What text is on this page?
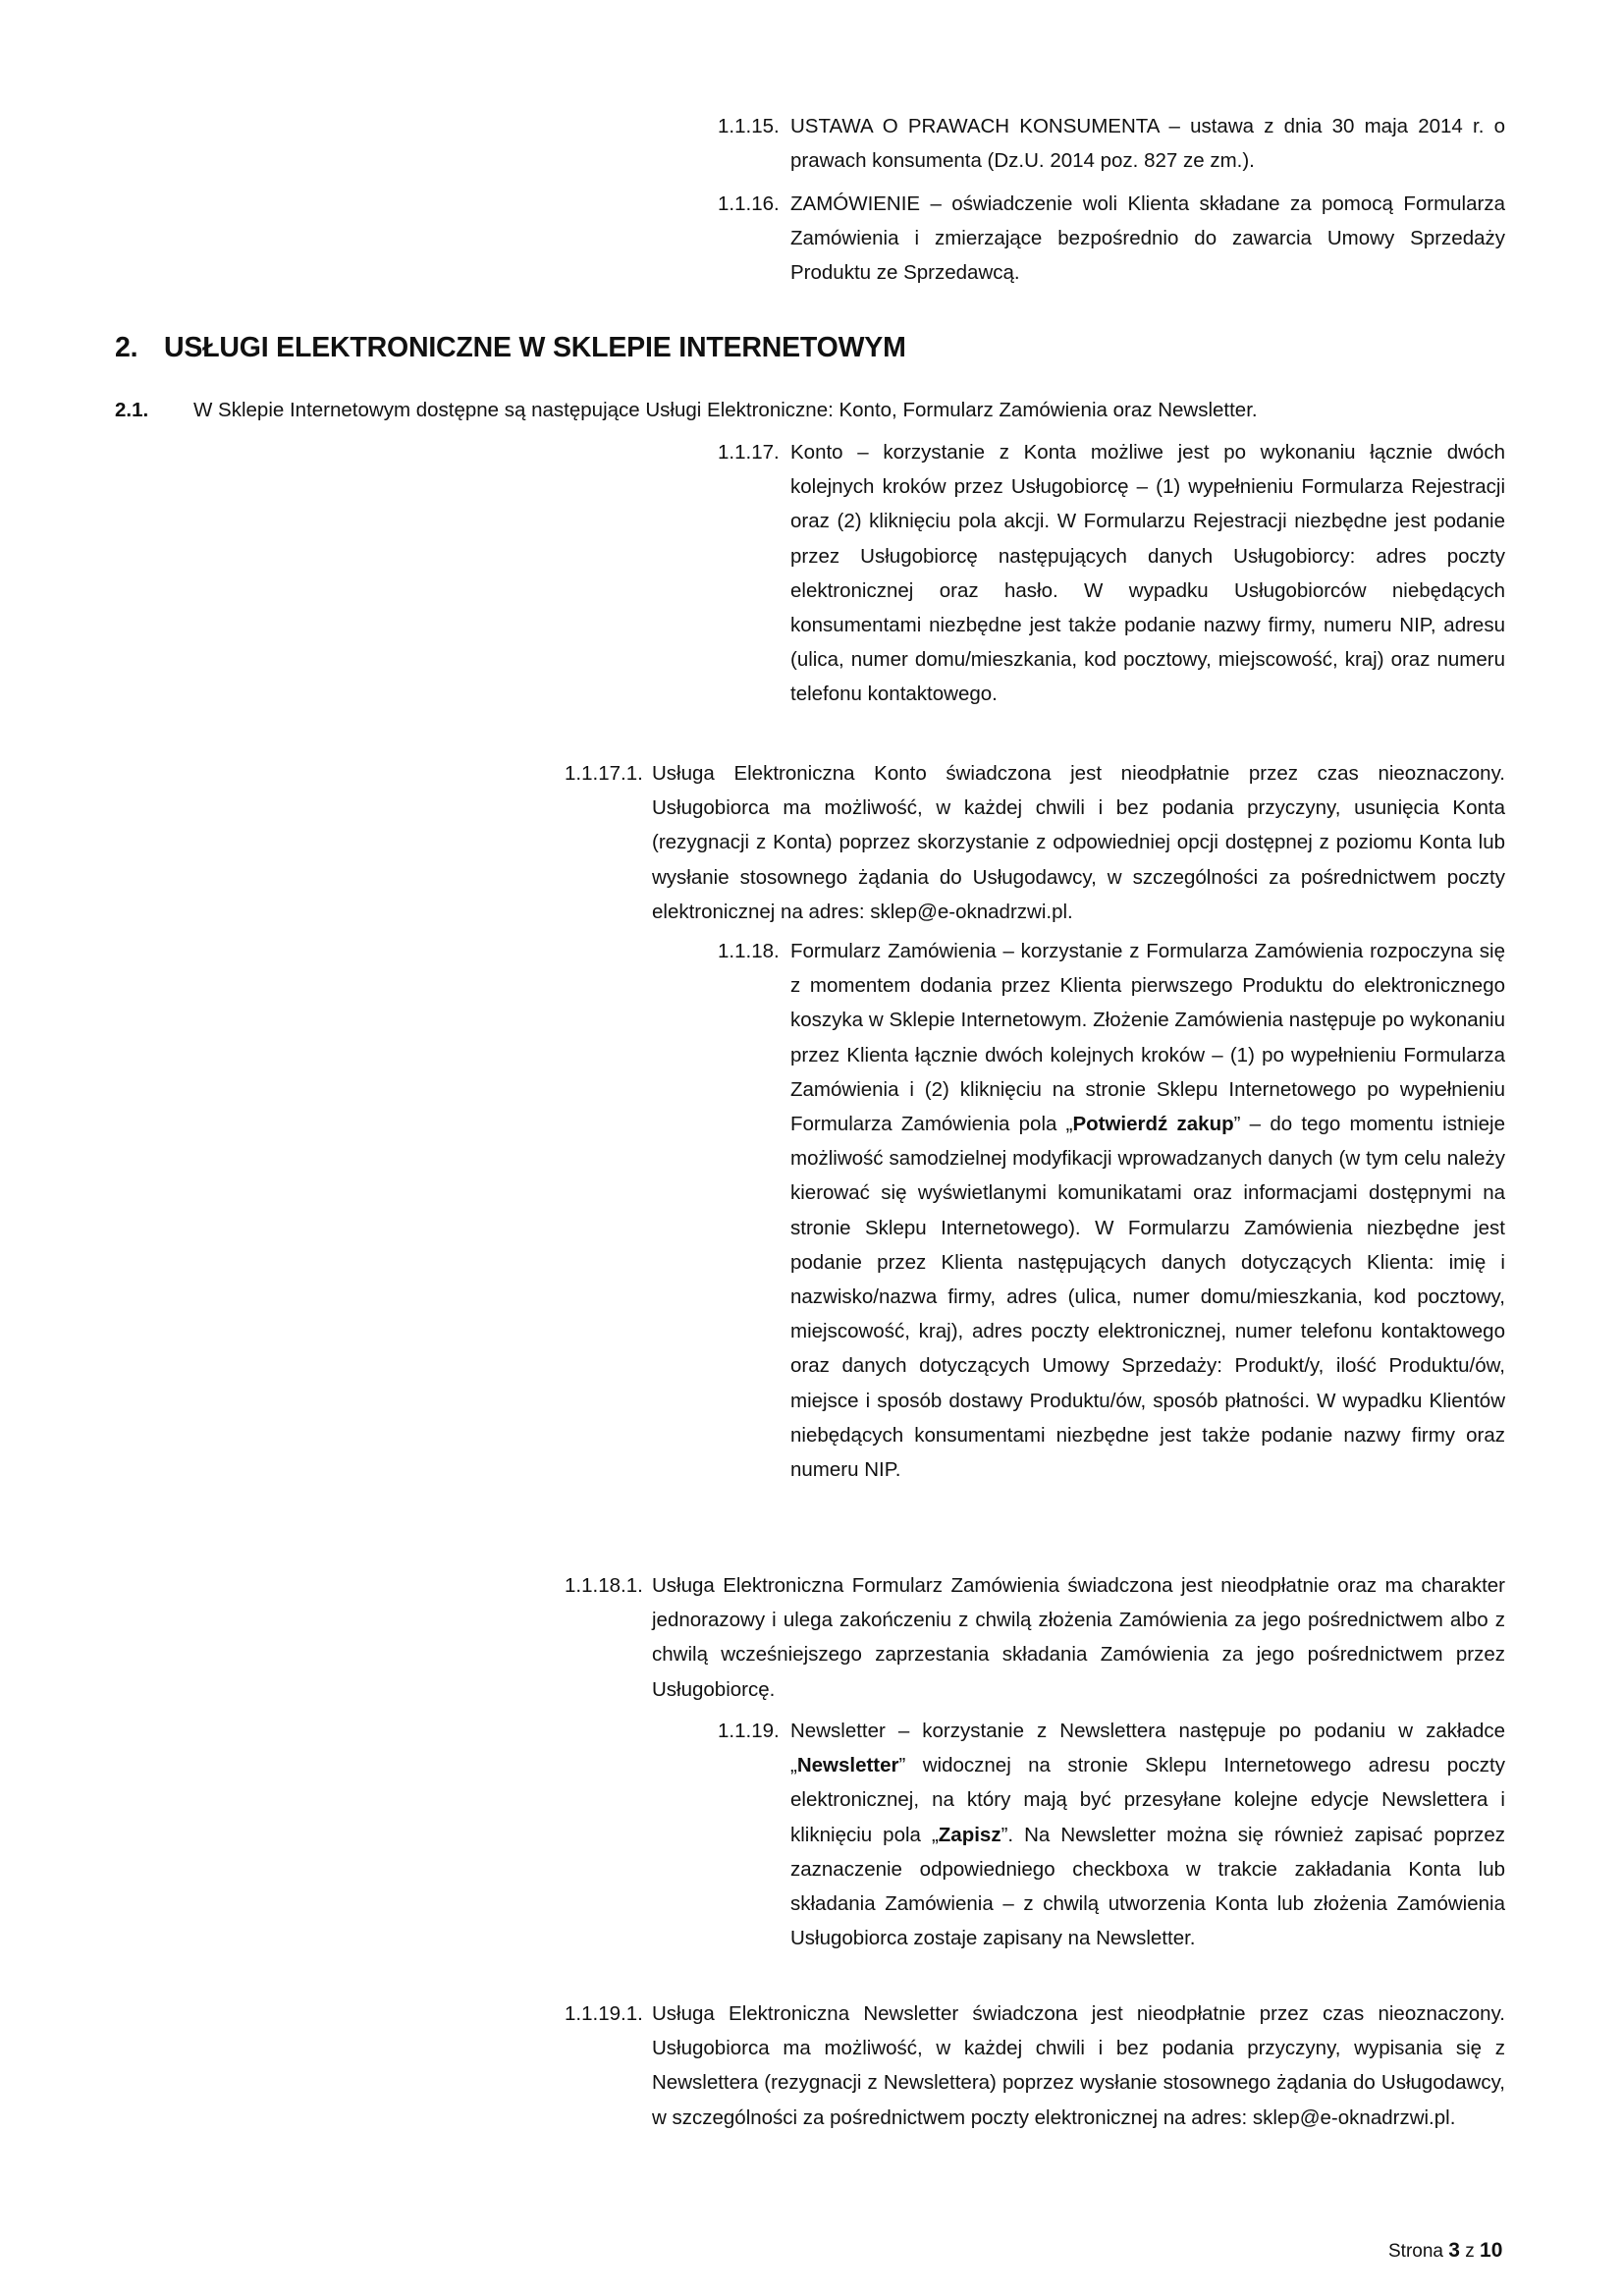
1.1.15. USTAWA O PRAWACH KONSUMENTA – ustawa z dnia 30 maja 2014 r. o prawach konsumenta (Dz.U. 2014 poz. 827 ze zm.).
1.1.16. ZAMÓWIENIE – oświadczenie woli Klienta składane za pomocą Formularza Zamówienia i zmierzające bezpośrednio do zawarcia Umowy Sprzedaży Produktu ze Sprzedawcą.
2. USŁUGI ELEKTRONICZNE W SKLEPIE INTERNETOWYM
2.1. W Sklepie Internetowym dostępne są następujące Usługi Elektroniczne: Konto, Formularz Zamówienia oraz Newsletter.
1.1.17. Konto – korzystanie z Konta możliwe jest po wykonaniu łącznie dwóch kolejnych kroków przez Usługobiorcę – (1) wypełnieniu Formularza Rejestracji oraz (2) kliknięciu pola akcji. W Formularzu Rejestracji niezbędne jest podanie przez Usługobiorcę następujących danych Usługobiorcy: adres poczty elektronicznej oraz hasło. W wypadku Usługobiorców niebędących konsumentami niezbędne jest także podanie nazwy firmy, numeru NIP, adresu (ulica, numer domu/mieszkania, kod pocztowy, miejscowość, kraj) oraz numeru telefonu kontaktowego.
1.1.17.1. Usługa Elektroniczna Konto świadczona jest nieodpłatnie przez czas nieoznaczony. Usługobiorca ma możliwość, w każdej chwili i bez podania przyczyny, usunięcia Konta (rezygnacji z Konta) poprzez skorzystanie z odpowiedniej opcji dostępnej z poziomu Konta lub wysłanie stosownego żądania do Usługodawcy, w szczególności za pośrednictwem poczty elektronicznej na adres: sklep@e-oknadrzwi.pl.
1.1.18. Formularz Zamówienia – korzystanie z Formularza Zamówienia rozpoczyna się z momentem dodania przez Klienta pierwszego Produktu do elektronicznego koszyka w Sklepie Internetowym. Złożenie Zamówienia następuje po wykonaniu przez Klienta łącznie dwóch kolejnych kroków – (1) po wypełnieniu Formularza Zamówienia i (2) kliknięciu na stronie Sklepu Internetowego po wypełnieniu Formularza Zamówienia pola „Potwierdź zakup” – do tego momentu istnieje możliwość samodzielnej modyfikacji wprowadzanych danych (w tym celu należy kierować się wyświetlanymi komunikatami oraz informacjami dostępnymi na stronie Sklepu Internetowego). W Formularzu Zamówienia niezbędne jest podanie przez Klienta następujących danych dotyczących Klienta: imię i nazwisko/nazwa firmy, adres (ulica, numer domu/mieszkania, kod pocztowy, miejscowość, kraj), adres poczty elektronicznej, numer telefonu kontaktowego oraz danych dotyczących Umowy Sprzedaży: Produkt/y, ilość Produktu/ów, miejsce i sposób dostawy Produktu/ów, sposób płatności. W wypadku Klientów niebędących konsumentami niezbędne jest także podanie nazwy firmy oraz numeru NIP.
1.1.18.1. Usługa Elektroniczna Formularz Zamówienia świadczona jest nieodpłatnie oraz ma charakter jednorazowy i ulega zakończeniu z chwilą złożenia Zamówienia za jego pośrednictwem albo z chwilą wcześniejszego zaprzestania składania Zamówienia za jego pośrednictwem przez Usługobiorcę.
1.1.19. Newsletter – korzystanie z Newslettera następuje po podaniu w zakładce „Newsletter” widocznej na stronie Sklepu Internetowego adresu poczty elektronicznej, na który mają być przesyłane kolejne edycje Newslettera i kliknięciu pola „Zapisz”. Na Newsletter można się również zapisać poprzez zaznaczenie odpowiedniego checkboxa w trakcie zakładania Konta lub składania Zamówienia – z chwilą utworzenia Konta lub złożenia Zamówienia Usługobiorca zostaje zapisany na Newsletter.
1.1.19.1. Usługa Elektroniczna Newsletter świadczona jest nieodpłatnie przez czas nieoznaczony. Usługobiorca ma możliwość, w każdej chwili i bez podania przyczyny, wypisania się z Newslettera (rezygnacji z Newslettera) poprzez wysłanie stosownego żądania do Usługodawcy, w szczególności za pośrednictwem poczty elektronicznej na adres: sklep@e-oknadrzwi.pl.
Strona 3 z 10
